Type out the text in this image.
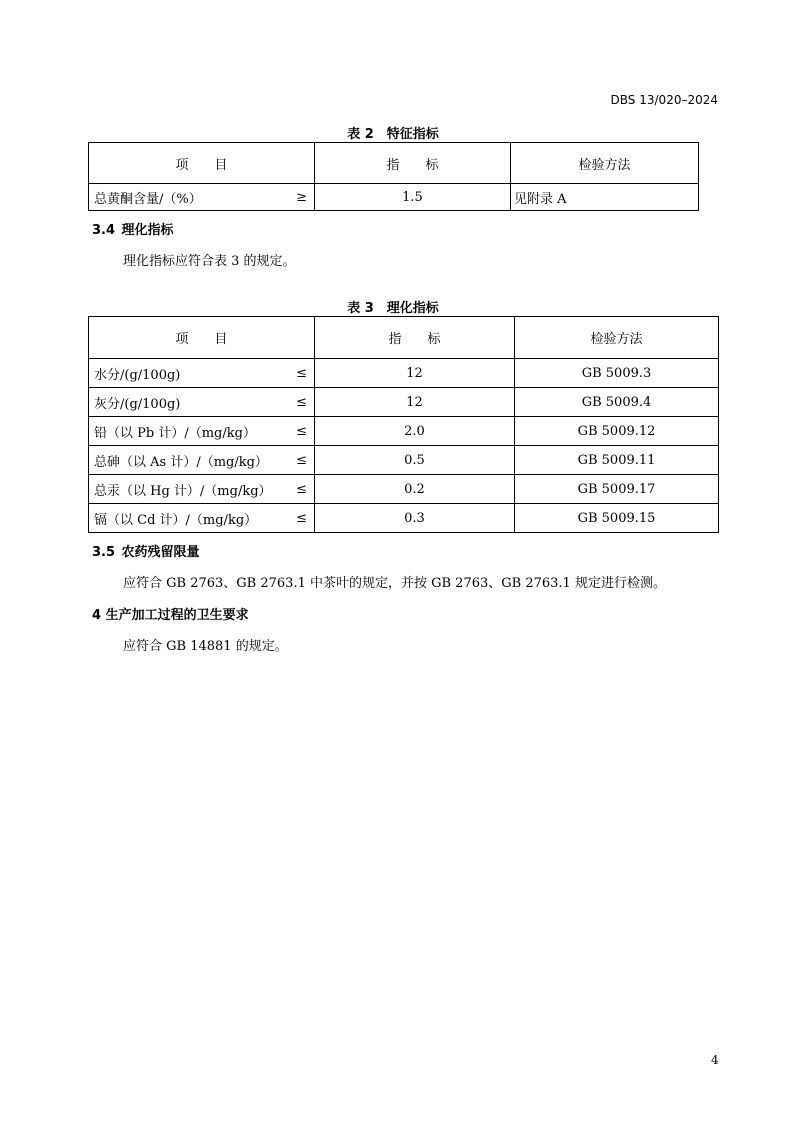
DBS 13/020–2024
表 2　特征指标
项　　目	指　　标	检验方法

总黄酮含量/（%） ≥	1.5	见附录 A
3.4 理化指标
理化指标应符合表 3 的规定。
表 3　理化指标
项　　目	指　　标	检验方法

水分/(g/100g) ≤	12	GB 5009.3

灰分/(g/100g) ≤	12	GB 5009.4

铅（以 Pb 计）/（mg/kg） ≤	2.0	GB 5009.12

总砷（以 As 计）/（mg/kg） ≤	0.5	GB 5009.11

总汞（以 Hg 计）/（mg/kg） ≤	0.2	GB 5009.17

镉（以 Cd 计）/（mg/kg） ≤	0.3	GB 5009.15
3.5 农药残留限量
应符合 GB 2763、GB 2763.1 中茶叶的规定，并按 GB 2763、GB 2763.1 规定进行检测。
4 生产加工过程的卫生要求
应符合 GB 14881 的规定。
4
